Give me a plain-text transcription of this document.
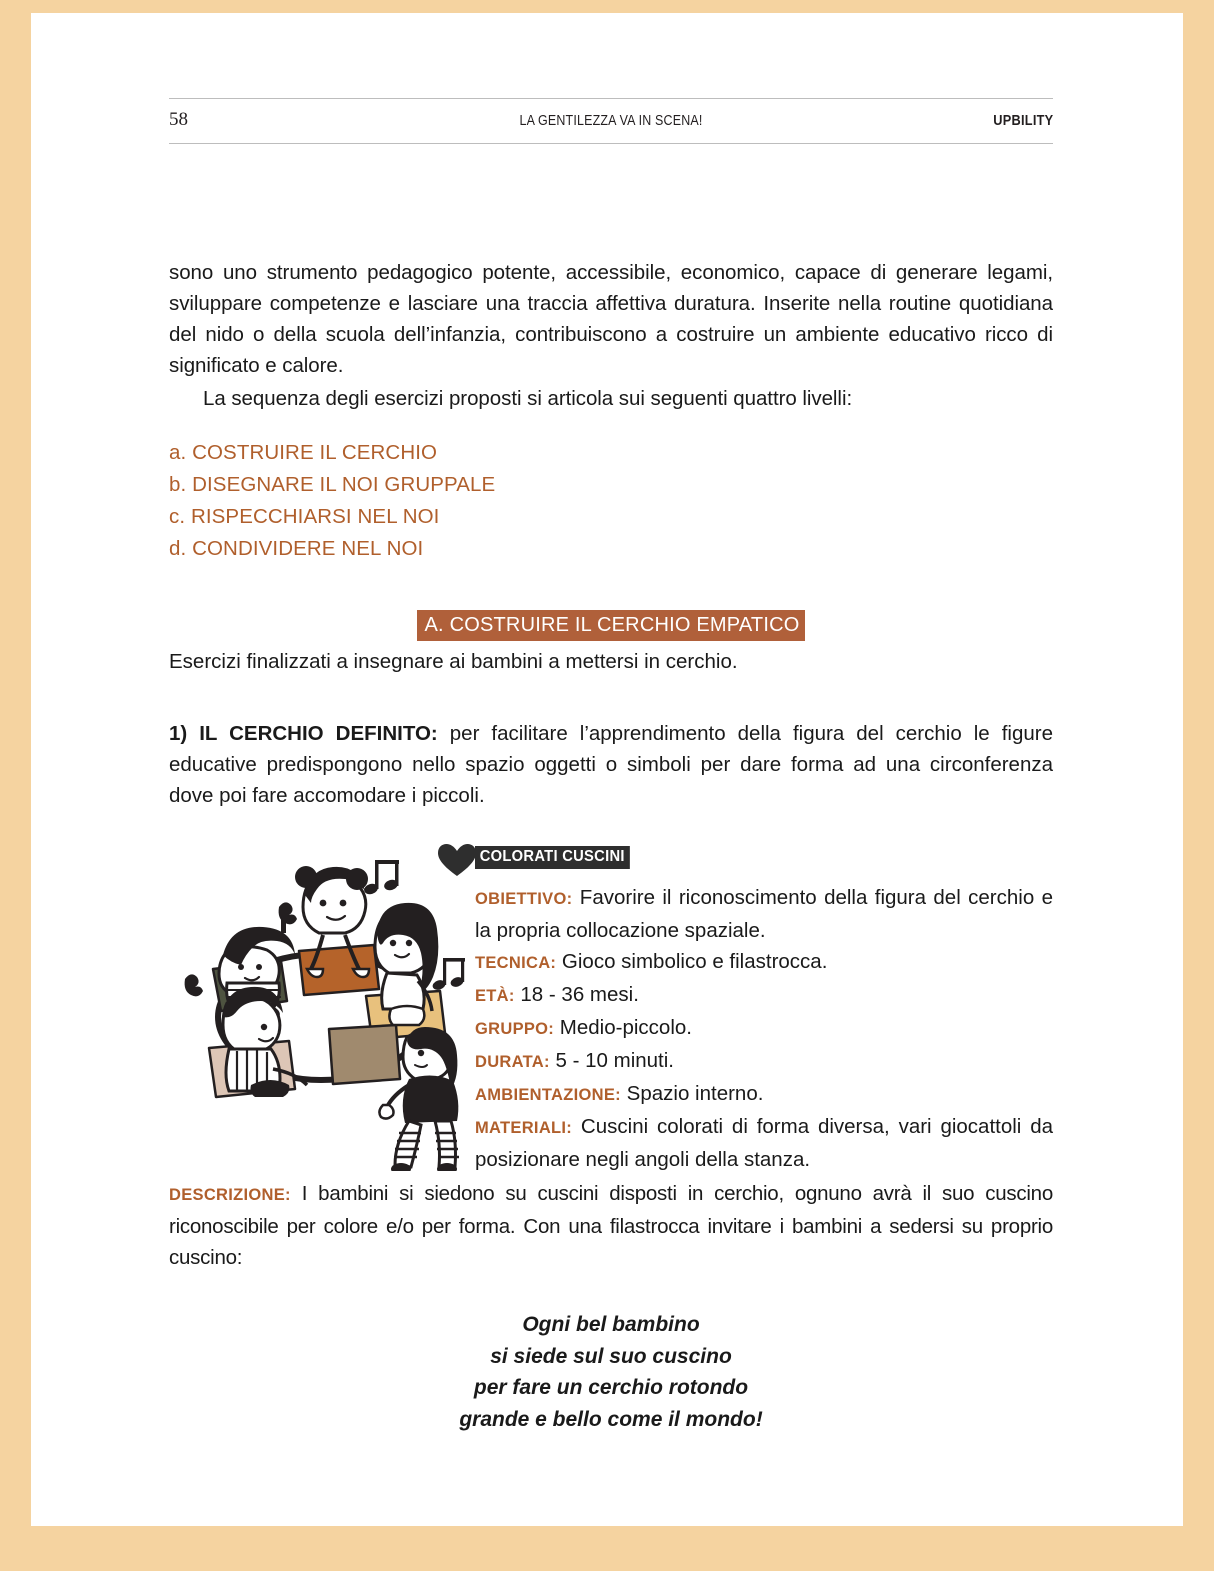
58	LA GENTILEZZA VA IN SCENA!	UPBILITY

sono uno strumento pedagogico potente, accessibile, economico, capace di generare legami, sviluppare competenze e lasciare una traccia affettiva duratura. Inserite nella routine quotidiana del nido o della scuola dell’infanzia, contribuiscono a costruire un ambiente educativo ricco di significato e calore.

La sequenza degli esercizi proposti si articola sui seguenti quattro livelli:

a. COSTRUIRE IL CERCHIO
b. DISEGNARE IL NOI GRUPPALE
c. RISPECCHIARSI NEL NOI
d. CONDIVIDERE NEL NOI
A. COSTRUIRE IL CERCHIO EMPATICO
Esercizi finalizzati a insegnare ai bambini a mettersi in cerchio.

1) IL CERCHIO DEFINITO: per facilitare l’apprendimento della figura del cerchio le figure educative predispongono nello spazio oggetti o simboli per dare forma ad una circonferenza dove poi fare accomodare i piccoli.

COLORATI CUSCINI
OBIETTIVO: Favorire il riconoscimento della figura del cerchio e la propria collocazione spaziale.
TECNICA: Gioco simbolico e filastrocca.
ETÀ: 18 - 36 mesi.
GRUPPO: Medio-piccolo.
DURATA: 5 - 10 minuti.
AMBIENTAZIONE: Spazio interno.
MATERIALI: Cuscini colorati di forma diversa, vari giocattoli da posizionare negli angoli della stanza.

DESCRIZIONE: I bambini si siedono su cuscini disposti in cerchio, ognuno avrà il suo cuscino riconoscibile per colore e/o per forma. Con una filastrocca invitare i bambini a sedersi su proprio cuscino:

Ogni bel bambino
si siede sul suo cuscino
per fare un cerchio rotondo
grande e bello come il mondo!
